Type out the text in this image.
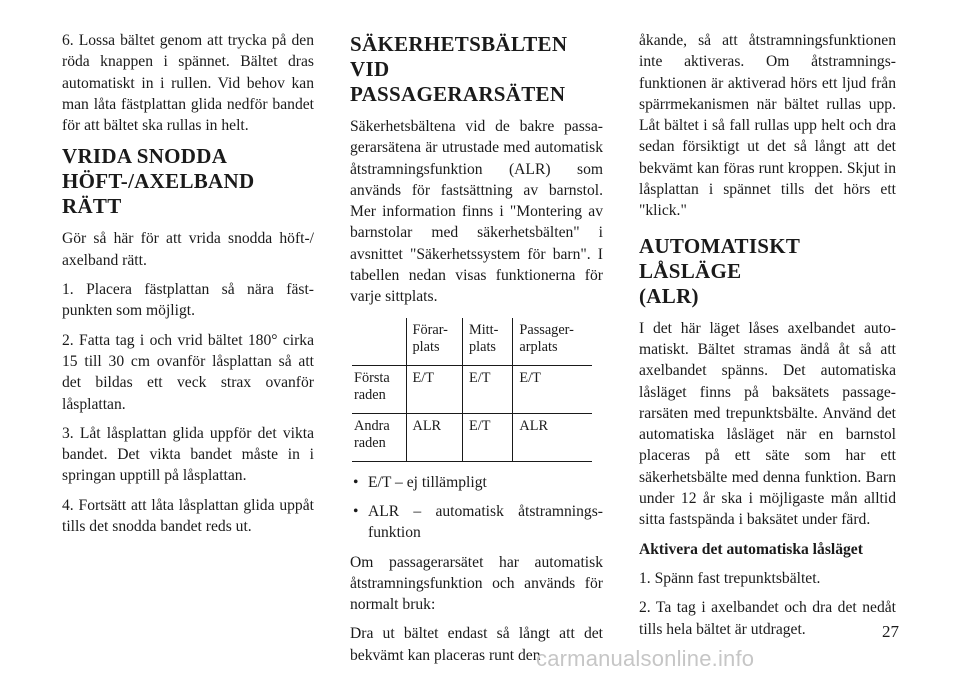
6. Lossa bältet genom att trycka på den röda knappen i spännet. Bältet dras automatiskt in i rullen. Vid behov kan man låta fästplattan glida nedför bandet för att bältet ska rullas in helt.

VRIDA SNODDA
HÖFT-/AXELBAND RÄTT

Gör så här för att vrida snodda höft-/ axelband rätt.

1. Placera fästplattan så nära fästpunkten som möjligt.

2. Fatta tag i och vrid bältet 180° cirka 15 till 30 cm ovanför låsplattan så att det bildas ett veck strax ovanför låsplattan.

3. Låt låsplattan glida uppför det vikta bandet. Det vikta bandet måste in i springan upptill på låsplattan.

4. Fortsätt att låta låsplattan glida uppåt tills det snodda bandet reds ut.

SÄKERHETSBÄLTEN VID
PASSAGERARSÄTEN

Säkerhetsbältena vid de bakre passagerarsätena är utrustade med automatisk åtstramningsfunktion (ALR) som används för fastsättning av barnstol. Mer information finns i "Montering av barnstolar med säkerhetsbälten" i avsnittet "Säkerhetssystem för barn". I tabellen nedan visas funktionerna för varje sittplats.

	Förar- plats	Mitt- plats	Passager- arplats
Första raden	E/T	E/T	E/T
Andra raden	ALR	E/T	ALR
• E/T – ej tillämpligt
• ALR – automatisk åtstramnings- funktion

Om passagerarsätet har automatisk åtstramningsfunktion och används för normalt bruk:

Dra ut bältet endast så långt att det bekvämt kan placeras runt den

åkande, så att åtstramningsfunktionen inte aktiveras. Om åtstramningsfunktionen är aktiverad hörs ett ljud från spärrmekanismen när bältet rullas upp. Låt bältet i så fall rullas upp helt och dra sedan försiktigt ut det så långt att det bekvämt kan föras runt kroppen. Skjut in låsplattan i spännet tills det hörs ett "klick."

AUTOMATISKT LÅSLÄGE
(ALR)

I det här läget låses axelbandet automatiskt. Bältet stramas ändå åt så att axelbandet spänns. Det automatiska låsläget finns på baksätets passagerarsäten med trepunktsbälte. Använd det automatiska låsläget när en barnstol placeras på ett säte som har ett säkerhetsbälte med denna funktion. Barn under 12 år ska i möjligaste mån alltid sitta fastspända i baksätet under färd.

Aktivera det automatiska låsläget

1. Spänn fast trepunktsbältet.

2. Ta tag i axelbandet och dra det nedåt tills hela bältet är utdraget.	27
carmanualsonline.info
